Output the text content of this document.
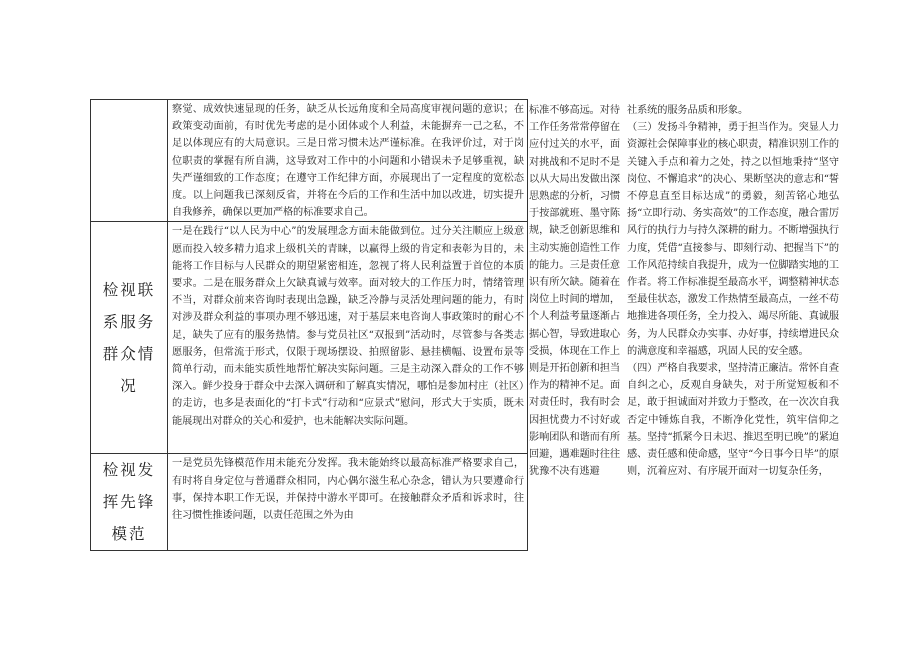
	察觉、成效快速显现的任务，缺乏从长远角度和全局高度审视问题的意识；在政策变动面前，有时优先考虑的是小团体或个人利益，未能摒弃一己之私，不足以体现应有的大局意识。三是日常习惯未达严谨标准。在我评价过，对于岗位职责的掌握有所自满，这导致对工作中的小问题和小错误未予足够重视，缺失严谨细致的工作态度；在遵守工作纪律方面，亦展现出了一定程度的宽松态度。以上问题我已深刻反省，并将在今后的工作和生活中加以改进，切实提升自我修养，确保以更加严格的标准要求自己。

检视联系服务群众情况	一是在践行“以人民为中心”的发展理念方面未能做到位。过分关注顺应上级意愿而投入较多精力追求上级机关的青睐，以赢得上级的肯定和表彰为目的，未能将工作目标与人民群众的期望紧密相连，忽视了将人民利益置于首位的本质要求。二是在服务群众上欠缺真诚与效率。面对较大的工作压力时，情绪管理不当，对群众前来咨询时表现出急躁，缺乏冷静与灵活处理问题的能力，有时对涉及群众利益的事项办理不够迅速，对于基层来电咨询人事政策时的耐心不足，缺失了应有的服务热情。参与党员社区“双报到”活动时，尽管参与各类志愿服务，但常流于形式，仅限于现场摆设、拍照留影、悬挂横幅、设置布景等简单行动，而未能实质性地帮忙解决实际问题。三是主动深入群众的工作不够深入。鲜少投身于群众中去深入调研和了解真实情况，哪怕是参加村庄（社区）的走访，也多是表面化的“打卡式”行动和“应景式”慰问，形式大于实质，既未能展现出对群众的关心和爱护，也未能解决实际问题。

检视发挥先锋模范	一是党员先锋模范作用未能充分发挥。我未能始终以最高标准严格要求自己，有时将自身定位与普通群众相同，内心偶尔滋生私心杂念，错认为只要遵命行事，保持本职工作无误，并保持中游水平即可。在接触群众矛盾和诉求时，往往习惯性推诿问题，以责任范围之外为由
标准不够高远。对待工作任务常常停留在应付过关的水平，面对挑战和不足时不是以从大局出发做出深思熟虑的分析，习惯于按部就班、墨守陈规，缺乏创新思维和主动实施创造性工作的能力。三是责任意识有所欠缺。随着在岗位上时间的增加，个人利益考量逐渐占据心智，导致进取心受损，体现在工作上则是开拓创新和担当作为的精神不足。面对责任时，我有时会因担忧费力不讨好或影响团队和谐而有所回避，遇难题时往往犹豫不决有逃避

社系统的服务品质和形象。

（三）发扬斗争精神，勇于担当作为。突显人力资源社会保障事业的核心职责，精准识别工作的关键入手点和着力之处，持之以恒地秉持“坚守岗位、不懈追求”的决心、果断坚决的意志和“誓不停息直至目标达成”的勇毅，刻苦铭心地弘扬“立即行动、务实高效”的工作态度，融合雷厉风行的执行力与持久深耕的耐力。不断增强执行力度，凭借“直接参与、即刻行动、把握当下”的工作风范持续自我提升，成为一位脚踏实地的工作者。将工作标准提至最高水平，调整精神状态至最佳状态，激发工作热情至最高点，一丝不苟地推进各项任务，全力投入、竭尽所能、真诚服务，为人民群众办实事、办好事，持续增进民众的满意度和幸福感，巩固人民的安全感。

（四）严格自我要求，坚持清正廉洁。常怀自查自纠之心，反观自身缺失，对于所觉短板和不足，敢于担诚面对并致力于整改，在一次次自我否定中锤炼自我，不断净化党性，筑牢信仰之基。坚持“抓紧今日未迟、推迟至明已晚”的紧迫感、责任感和使命感，坚守“今日事今日毕”的原则，沉着应对、有序展开面对一切复杂任务，
